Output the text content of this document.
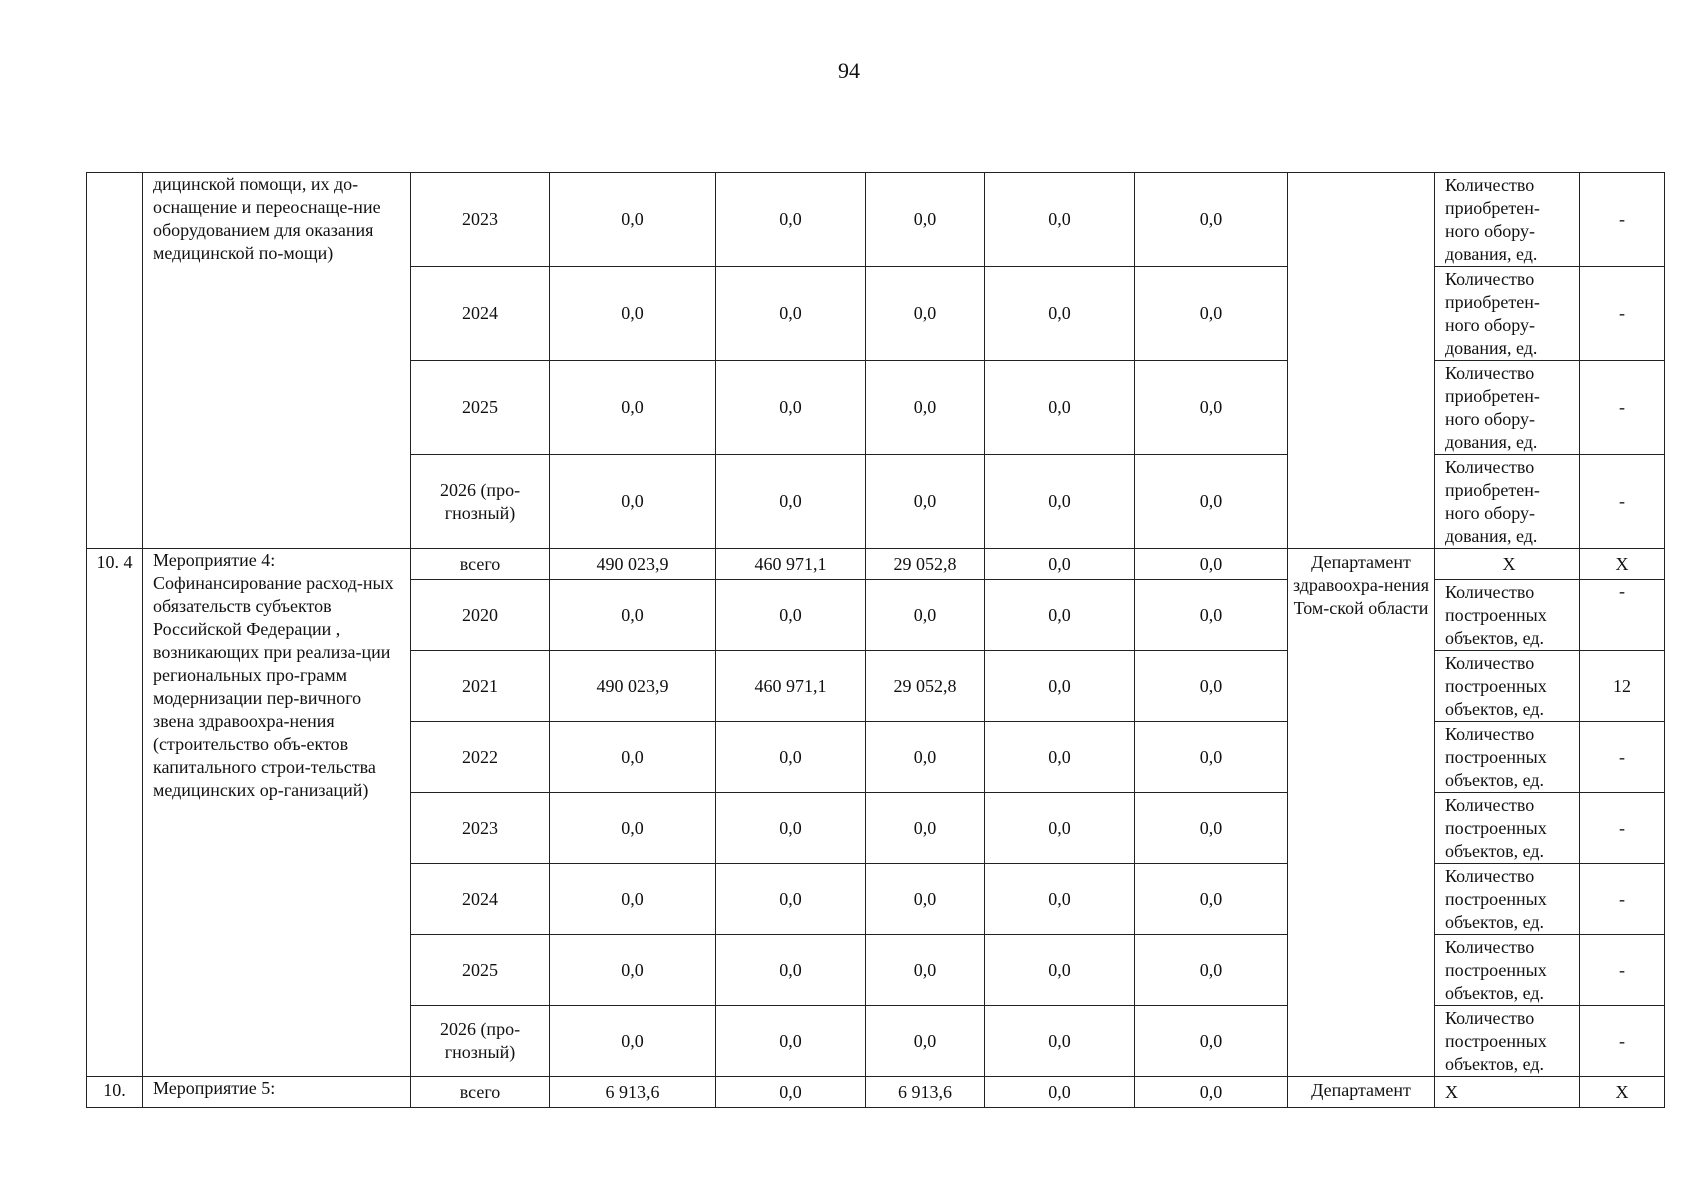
94
	дицинской помощи, их до-оснащение и переоснаще-ние оборудованием для оказания медицинской по-мощи)	2023	0,0	0,0	0,0	0,0	0,0		Количество приобретен-ного обору-дования, ед.	-
		2024	0,0	0,0	0,0	0,0	0,0		Количество приобретен-ного обору-дования, ед.	-
		2025	0,0	0,0	0,0	0,0	0,0		Количество приобретен-ного обору-дования, ед.	-
		2026 (про-гнозный)	0,0	0,0	0,0	0,0	0,0		Количество приобретен-ного обору-дования, ед.	-
10. 4	Мероприятие 4: Софинансирование расход-ных обязательств субъектов Российской Федерации , возникающих при реализа-ции региональных про-грамм модернизации пер-вичного звена здравоохра-нения (строительство объ-ектов капитального строи-тельства медицинских ор-ганизаций)	всего	490 023,9	460 971,1	29 052,8	0,0	0,0	Департамент здравоохра-нения Том-ской области	Х	Х
		2020	0,0	0,0	0,0	0,0	0,0		Количество построенных объектов, ед.	-
		2021	490 023,9	460 971,1	29 052,8	0,0	0,0		Количество построенных объектов, ед.	12
		2022	0,0	0,0	0,0	0,0	0,0		Количество построенных объектов, ед.	-
		2023	0,0	0,0	0,0	0,0	0,0		Количество построенных объектов, ед.	-
		2024	0,0	0,0	0,0	0,0	0,0		Количество построенных объектов, ед.	-
		2025	0,0	0,0	0,0	0,0	0,0		Количество построенных объектов, ед.	-
		2026 (про-гнозный)	0,0	0,0	0,0	0,0	0,0		Количество построенных объектов, ед.	-
10.	Мероприятие 5:	всего	6 913,6	0,0	6 913,6	0,0	0,0	Департамент	Х	Х
